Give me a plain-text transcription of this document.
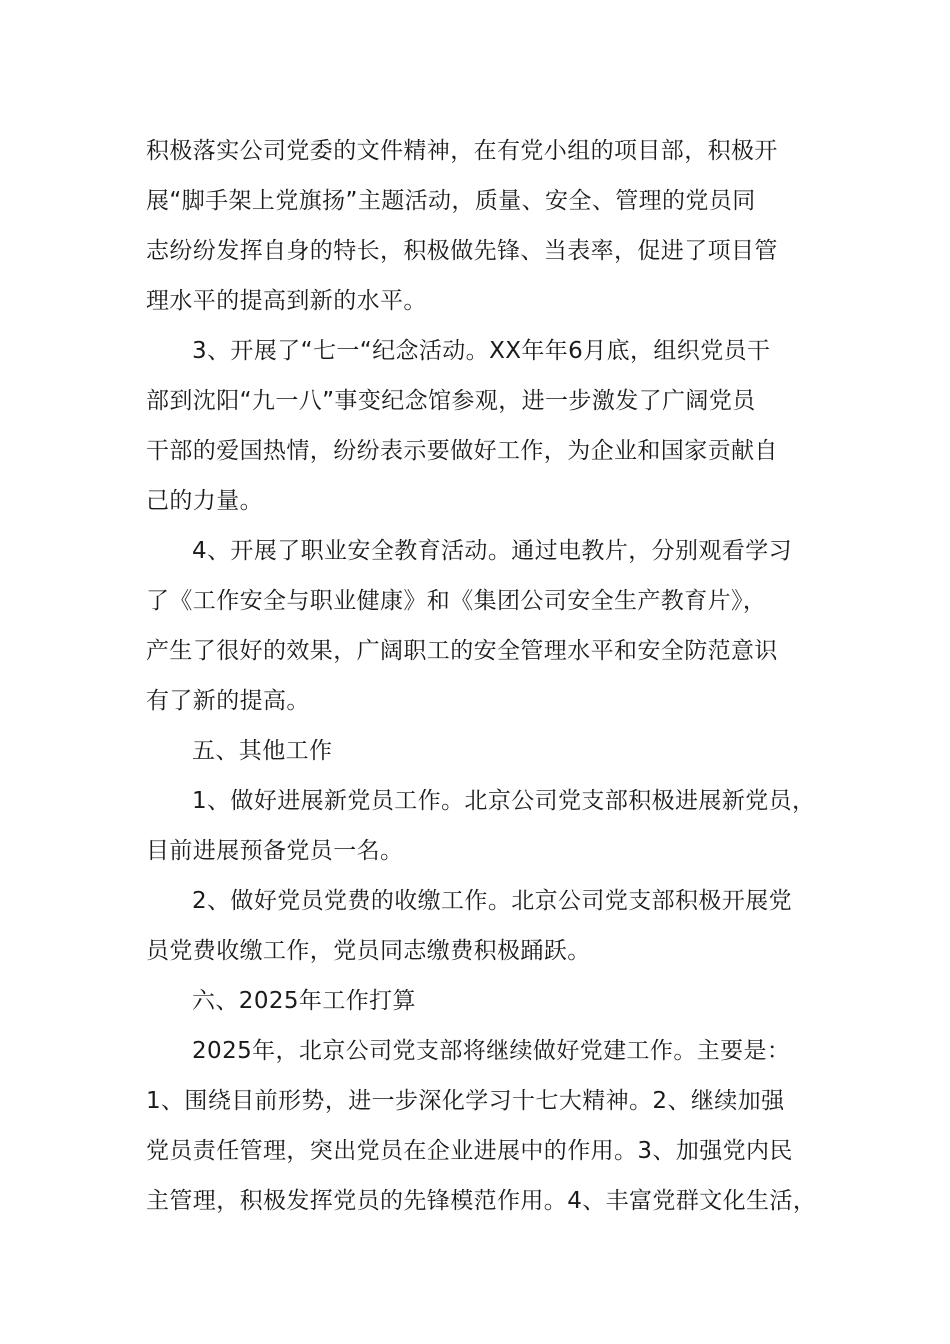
积极落实公司党委的文件精神，在有党小组的项目部，积极开
展“脚手架上党旗扬”主题活动，质量、安全、管理的党员同
志纷纷发挥自身的特长，积极做先锋、当表率，促进了项目管
理水平的提高到新的水平。
3、开展了“七一“纪念活动。XX年年6月底，组织党员干
部到沈阳“九一八”事变纪念馆参观，进一步激发了广阔党员
干部的爱国热情，纷纷表示要做好工作，为企业和国家贡献自
己的力量。
4、开展了职业安全教育活动。通过电教片，分别观看学习
了《工作安全与职业健康》和《集团公司安全生产教育片》，
产生了很好的效果，广阔职工的安全管理水平和安全防范意识
有了新的提高。
五、其他工作
1、做好进展新党员工作。北京公司党支部积极进展新党员，
目前进展预备党员一名。
2、做好党员党费的收缴工作。北京公司党支部积极开展党
员党费收缴工作，党员同志缴费积极踊跃。
六、2025年工作打算
2025年，北京公司党支部将继续做好党建工作。主要是：
1、围绕目前形势，进一步深化学习十七大精神。2、继续加强
党员责任管理，突出党员在企业进展中的作用。3、加强党内民
主管理，积极发挥党员的先锋模范作用。4、丰富党群文化生活，
